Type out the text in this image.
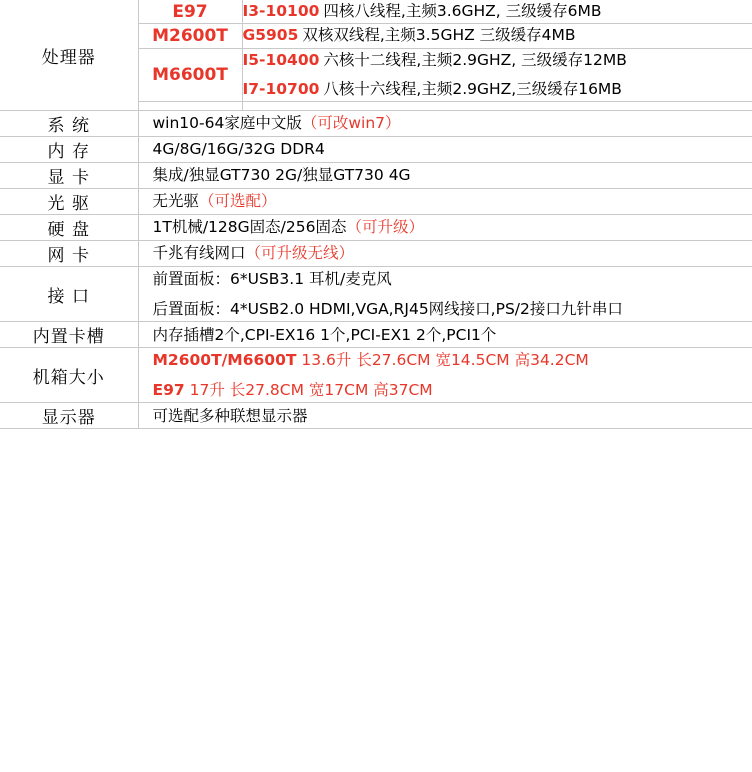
处理器	E97	I3-10100 四核八线程,主频3.6GHZ, 三级缓存6MB
	M2600T	G5905 双核双线程,主频3.5GHZ 三级缓存4MB
	M6600T	I5-10400 六核十二线程,主频2.9GHZ, 三级缓存12MB
I7-10700 八核十六线程,主频2.9GHZ,三级缓存16MB

系 统	win10-64家庭中文版（可改win7）	
内 存	4G/8G/16G/32G DDR4	
显 卡	集成/独显GT730 2G/独显GT730 4G	
光 驱	无光驱（可选配）	
硬 盘	1T机械/128G固态/256固态（可升级）	
网 卡	千兆有线网口（可升级无线）	
接 口	前置面板：6*USB3.1 耳机/麦克风
后置面板：4*USB2.0 HDMI,VGA,RJ45网线接口,PS/2接口九针串口	

内置卡槽	内存插槽2个,CPI-EX16 1个,PCI-EX1 2个,PCI1个	
机箱大小	M2600T/M6600T 13.6升 长27.6CM 宽14.5CM 高34.2CM
E97 17升 长27.8CM 宽17CM 高37CM	

显示器	可选配多种联想显示器	
